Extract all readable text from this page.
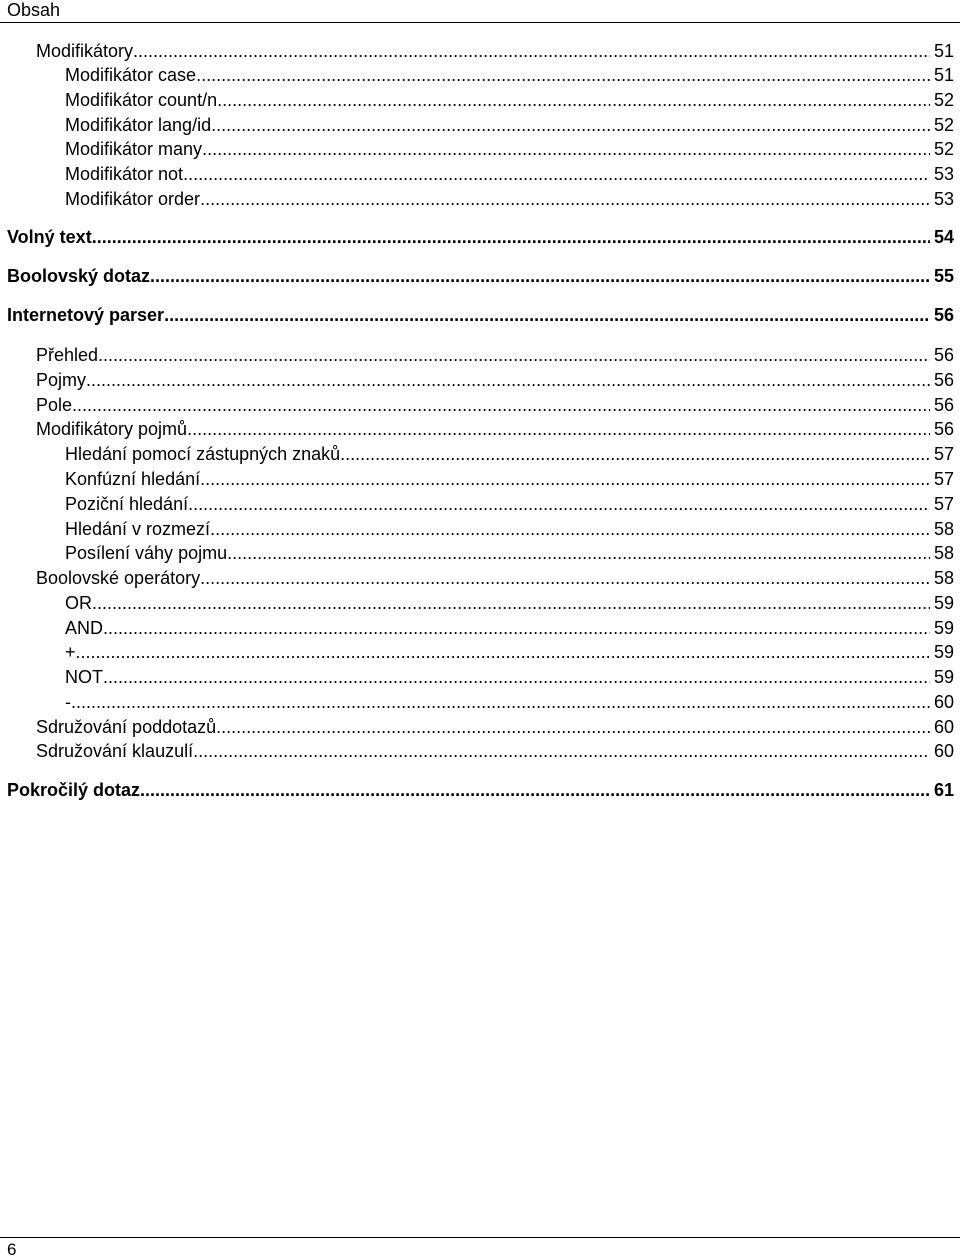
Obsah
Modifikátory .....	51
Modifikátor case .....	51
Modifikátor count/n .....	52
Modifikátor lang/id .....	52
Modifikátor many .....	52
Modifikátor not .....	53
Modifikátor order .....	53
Volný text .....	54
Boolovský dotaz .....	55
Internetový parser .....	56
Přehled .....	56
Pojmy .....	56
Pole .....	56
Modifikátory pojmů .....	56
Hledání pomocí zástupných znaků .....	57
Konfúzní hledání .....	57
Poziční hledání .....	57
Hledání v rozmezí .....	58
Posílení váhy pojmu .....	58
Boolovské operátory .....	58
OR .....	59
AND .....	59
+ .....	59
NOT .....	59
- .....	60
Sdružování poddotazů .....	60
Sdružování klauzulí .....	60
Pokročilý dotaz .....	61
6
